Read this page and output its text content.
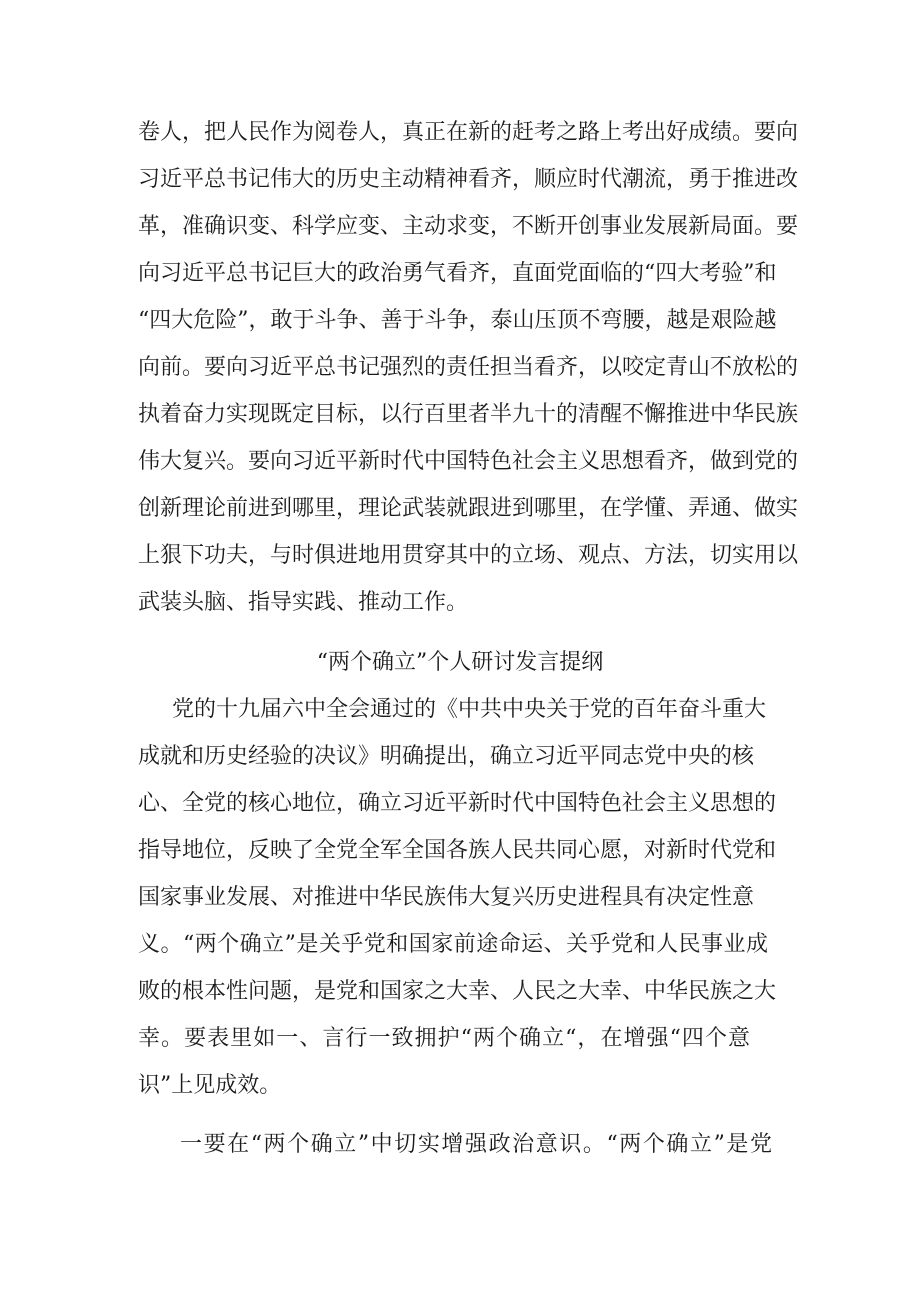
卷人，把人民作为阅卷人，真正在新的赶考之路上考出好成绩。要向
习近平总书记伟大的历史主动精神看齐，顺应时代潮流，勇于推进改
革，准确识变、科学应变、主动求变，不断开创事业发展新局面。要
向习近平总书记巨大的政治勇气看齐，直面党面临的“四大考验”和
“四大危险”，敢于斗争、善于斗争，泰山压顶不弯腰，越是艰险越
向前。要向习近平总书记强烈的责任担当看齐，以咬定青山不放松的
执着奋力实现既定目标，以行百里者半九十的清醒不懈推进中华民族
伟大复兴。要向习近平新时代中国特色社会主义思想看齐，做到党的
创新理论前进到哪里，理论武装就跟进到哪里，在学懂、弄通、做实
上狠下功夫，与时俱进地用贯穿其中的立场、观点、方法，切实用以
武装头脑、指导实践、推动工作。
“两个确立”个人研讨发言提纲
党的十九届六中全会通过的《中共中央关于党的百年奋斗重大
成就和历史经验的决议》明确提出，确立习近平同志党中央的核
心、全党的核心地位，确立习近平新时代中国特色社会主义思想的
指导地位，反映了全党全军全国各族人民共同心愿，对新时代党和
国家事业发展、对推进中华民族伟大复兴历史进程具有决定性意
义。“两个确立”是关乎党和国家前途命运、关乎党和人民事业成
败的根本性问题，是党和国家之大幸、人民之大幸、中华民族之大
幸。要表里如一、言行一致拥护“两个确立“，在增强“四个意
识”上见成效。
一要在“两个确立”中切实增强政治意识。“两个确立”是党
